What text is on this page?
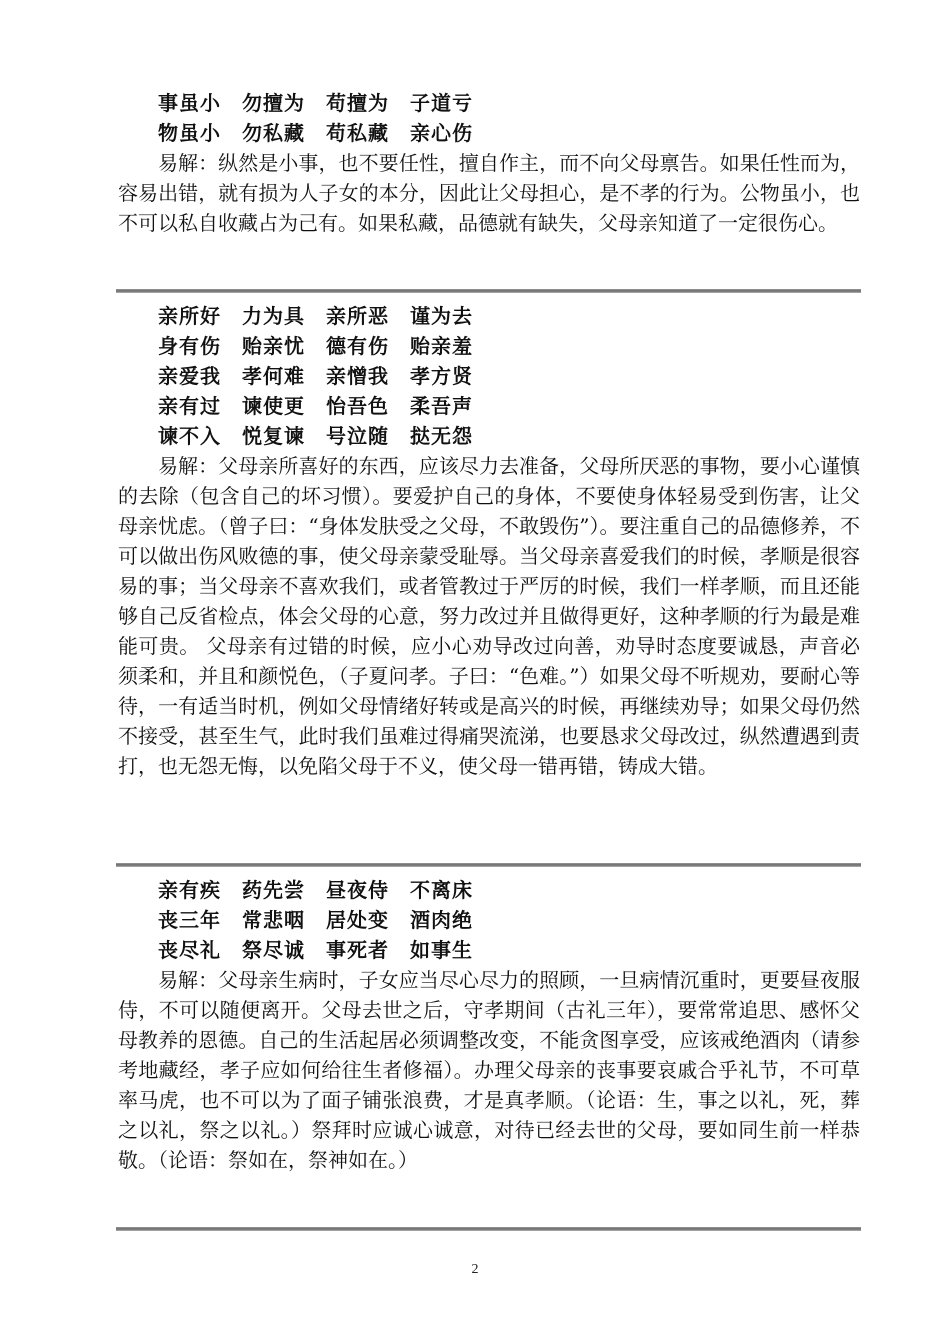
事虽小　勿擅为　苟擅为　子道亏
物虽小　勿私藏　苟私藏　亲心伤

易解：纵然是小事，也不要任性，擅自作主，而不向父母禀告。如果任性而为，容易出错，就有损为人子女的本分，因此让父母担心，是不孝的行为。公物虽小，也不可以私自收藏占为己有。如果私藏，品德就有缺失，父母亲知道了一定很伤心。

亲所好　力为具　亲所恶　谨为去
身有伤　贻亲忧　德有伤　贻亲羞
亲爱我　孝何难　亲憎我　孝方贤
亲有过　谏使更　怡吾色　柔吾声
谏不入　悦复谏　号泣随　挞无怨

易解：父母亲所喜好的东西，应该尽力去准备，父母所厌恶的事物，要小心谨慎的去除（包含自己的坏习惯）。要爱护自己的身体，不要使身体轻易受到伤害，让父母亲忧虑。（曾子曰：“身体发肤受之父母，不敢毁伤”）。要注重自己的品德修养，不可以做出伤风败德的事，使父母亲蒙受耻辱。当父母亲喜爱我们的时候，孝顺是很容易的事；当父母亲不喜欢我们，或者管教过于严厉的时候，我们一样孝顺，而且还能够自己反省检点，体会父母的心意，努力改过并且做得更好，这种孝顺的行为最是难能可贵。 父母亲有过错的时候，应小心劝导改过向善，劝导时态度要诚恳，声音必须柔和，并且和颜悦色，（子夏问孝。子曰：“色难。”）如果父母不听规劝，要耐心等待，一有适当时机，例如父母情绪好转或是高兴的时候，再继续劝导；如果父母仍然不接受，甚至生气，此时我们虽难过得痛哭流涕，也要恳求父母改过，纵然遭遇到责打，也无怨无悔，以免陷父母于不义，使父母一错再错，铸成大错。

亲有疾　药先尝　昼夜侍　不离床
丧三年　常悲咽　居处变　酒肉绝
丧尽礼　祭尽诚　事死者　如事生

易解：父母亲生病时，子女应当尽心尽力的照顾，一旦病情沉重时，更要昼夜服侍，不可以随便离开。父母去世之后，守孝期间（古礼三年），要常常追思、感怀父母教养的恩德。自己的生活起居必须调整改变，不能贪图享受，应该戒绝酒肉（请参考地藏经，孝子应如何给往生者修福）。办理父母亲的丧事要哀戚合乎礼节，不可草率马虎，也不可以为了面子铺张浪费，才是真孝顺。（论语：生，事之以礼，死，葬之以礼，祭之以礼。）祭拜时应诚心诚意，对待已经去世的父母，要如同生前一样恭敬。（论语：祭如在，祭神如在。）

2
